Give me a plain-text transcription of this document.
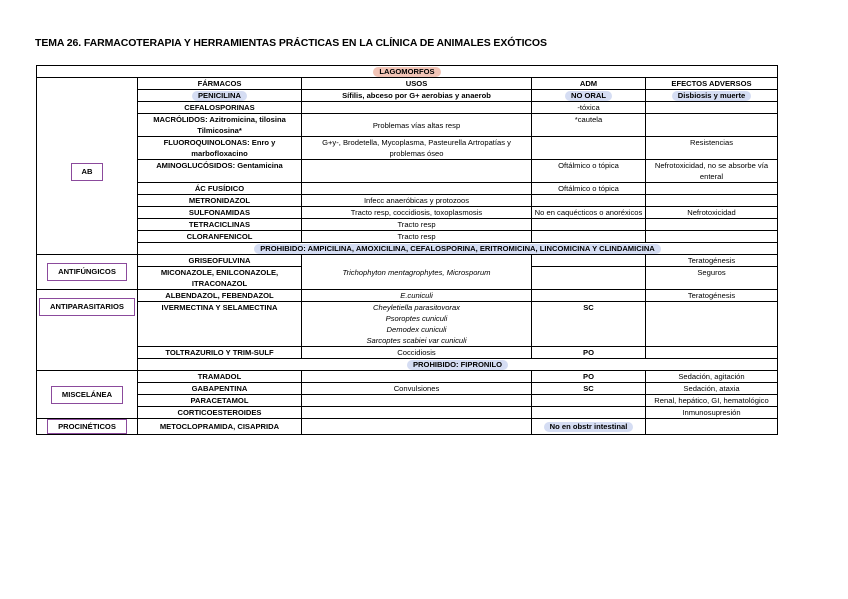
TEMA 26. FARMACOTERAPIA Y HERRAMIENTAS PRÁCTICAS EN LA CLÍNICA DE ANIMALES EXÓTICOS
LAGOMORFOS				
	FÁRMACOS	USOS	ADM	EFECTOS ADVERSOS
AB	PENICILINA	Sífilis, abceso por G+ aerobias y anaerob	NO ORAL	Disbiosis y muerte
	CEFALOSPORINAS		-tóxica	
	MACRÓLIDOS: Azitromicina, tilosina Tilmicosina*	Problemas vías altas resp	*cautela	
	FLUOROQUINOLONAS: Enro y marbofloxacino	G+y-, Brodetella, Mycoplasma, Pasteurella Artropatías y problemas óseo		Resistencias
	AMINOGLUCÓSIDOS: Gentamicina		Oftálmico o tópica	Nefrotoxicidad, no se absorbe vía enteral
	ÁC FUSÍDICO		Oftálmico o tópica	
	METRONIDAZOL	Infecc anaeróbicas y protozoos		
	SULFONAMIDAS	Tracto resp, coccidiosis, toxoplasmosis	No en caquécticos o anoréxicos	Nefrotoxicidad
	TETRACICLINAS	Tracto resp		
	CLORANFENICOL	Tracto resp		
	PROHIBIDO: AMPICILINA, AMOXICILINA, CEFALOSPORINA, ERITROMICINA, LINCOMICINA Y CLINDAMICINA			
ANTIFÚNGICOS	GRISEOFULVINA	Trichophyton mentagrophytes, Microsporum		Teratogénesis
	MICONAZOLE, ENILCONAZOLE, ITRACONAZOL			Seguros
ANTIPARASITARIOS	ALBENDAZOL, FEBENDAZOL	E.cuniculi		Teratogénesis
	IVERMECTINA Y SELAMECTINA	Cheyletiella parasitovorax
Psoroptes cuniculi
Demodex cuniculi
Sarcoptes scabiei var cuniculi	SC	
	TOLTRAZURILO Y TRIM-SULF	Coccidiosis	PO	
	PROHIBIDO: FIPRONILO			
MISCELÁNEA	TRAMADOL		PO	Sedación, agitación
	GABAPENTINA	Convulsiones	SC	Sedación, ataxia
	PARACETAMOL			Renal, hepático, GI, hematológico
	CORTICOESTEROIDES			Inmunosupresión
PROCINÉTICOS	METOCLOPRAMIDA, CISAPRIDA		No en obstr intestinal	
